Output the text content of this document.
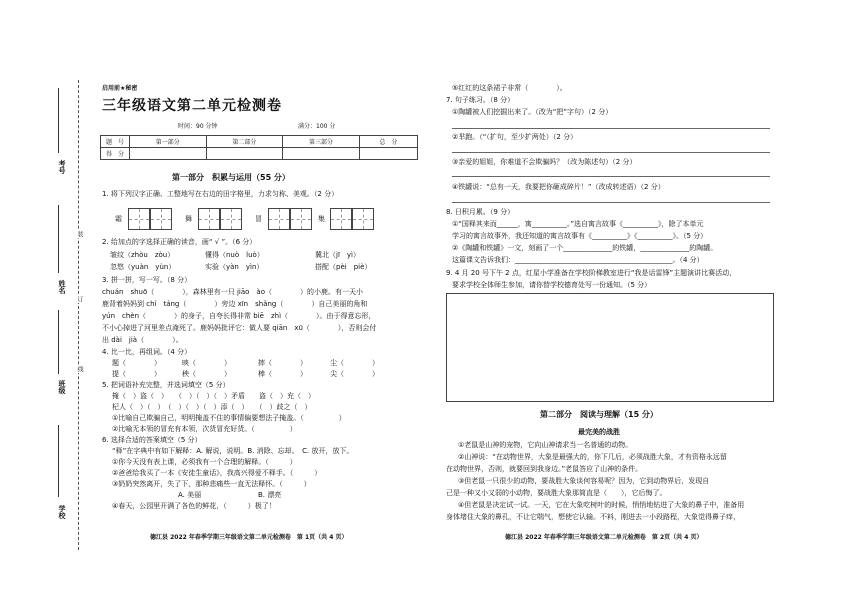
装
订
线
考号
姓名
班级
学校
启用前★秘密
三年级语文第二单元检测卷
时间：90 分钟	满分：100 分
题　号	第一部分	第二部分	第三部分	总　分
得　分				
第一部分　积累与运用（55 分）
1. 将下列汉字正确、工整地写在右边的田字格里，力求匀称、美观。（2 分）
霜	舞	冒	集
2. 给加点的字选择正确的读音，画“ √ ”。（6 分）
皱纹（zhòu　zòu）	懂得（nuò　luò）	冀北（jī　yì）
忽悠（yuàn　yùn）	实验（yàn　yìn）	搭配（pèi　piè）
3. 拼一拼，写一写。（8 分）
chuán　shuō（　　　　），森林里有一只 jiāo　ào（　　　　）的小鹿。有一天小
鹿背着妈妈到 chí　táng（　　　　）旁边 xīn　shǎng（　　　　）自己美丽的角和
yún　chèn（　　　　）的身子，自夸长得非常 biē　zhì（　　　　）。由于得意忘形，
不小心掉进了河里差点淹死了。鹿妈妈批评它：做人要 qiān　xū（　　　　），否则会付
出 dài　jià（　　　　）。
4. 比一比，再组词。（4 分）
题（　　　　）	映（　　　　）	摔（　　　　）	尘（　　　　）
提（　　　　）	秧（　　　　）	棒（　　　　）	尖（　　　　）
5. 把词语补充完整，并选词填空（5 分）
掩（　）盗（　）　　（　）（　）（　）矛盾　　盗（　）充（　）
杞人（　）（　）　（　）（　）（　）添（　）　　（　）歧之（　）
①比喻自己欺骗自己，明明掩盖不住的事情偏要想法子掩盖。（　　　　　）
②比喻无本领的冒充有本领，次货冒充好货。（　　　　　）
6. 选择合适的答案填空（5 分）
“释”在字典中有如下解释：A. 解说，说明。B. 消除、忘却。　C. 放开，放下。
①你今天没有表上课，必须我有一个合理的解释。（　　　）
②爸爸给我买了一本《安徒生童话》，我高兴得爱不释手。（　　　）
③奶奶突然离开，失了下，那种悲痛些一直无法释怀。（　　　）
A. 美丽	B. 漂亮
④春天，公园里开满了各色的鲜花，（　　　）极了！
德江县 2022 年春季学期三年级语文第二单元检测卷　第 1页（共 4 页）
⑤红红的这条裙子非常（　　　　）。
7. 句子练习。（8 分）
①陶罐被人们挖掘出来了。（改为“把”字句）（2 分）
②芈跑。（“（扩句，至少扩两处）（2 分）
③亲爱的姐姐，你难道不会欺骗吗？（改为陈述句）（2 分）
④铁罐说：“总有一天，我要把你砸成碎片！”（改成转述语）（2 分）
8. 日积月累。（9 分）
①“国释其来而______，寓__________。”选自寓言故事《__________》，除了本单元
学习的寓言故事外，我还知道的寓言故事有《__________》《__________》。（5 分）
②《陶罐和铁罐》一文，刻画了一个______________的铁罐，______________的陶罐。
这篇课文告诉我们：_____________________________________________。（4 分）
9. 4 月 20 号下午 2 点，红星小学准备在学校阶梯教室进行“我是话雷锋”主题演讲比赛活动，
要求学校全体师生参加，请你替学校德育处写一份通知。（5 分）
第二部分　阅读与理解（15 分）
最完美的战胜
①老鼠是山神的宠物，它向山神请求当一名普通的动物。
②山神说：“在动物世界，大象是最强大的，你下几后，必须战胜大象，才有资格永远留
在动物世界，否则，就要回到我身边。”老鼠答应了山神的条件。
③但老鼠一只很少的动物，要战胜大象谈何容易呢？因为，它到动物界后，发现自
己是一种又小又弱的小动物，要战胜大象那简直是（　　），它后悔了。
④但老鼠是决定试一试。一天，它在大象吃树叶的时候，悄悄地钻进了大象的鼻子中，准备用
身体堵住大象的鼻孔，不让它喘气，想使它认输。不料，刚进去一小段路程，大象觉得鼻子痒，
德江县 2022 年春季学期三年级语文第二单元检测卷　第 2页（共 4 页）
